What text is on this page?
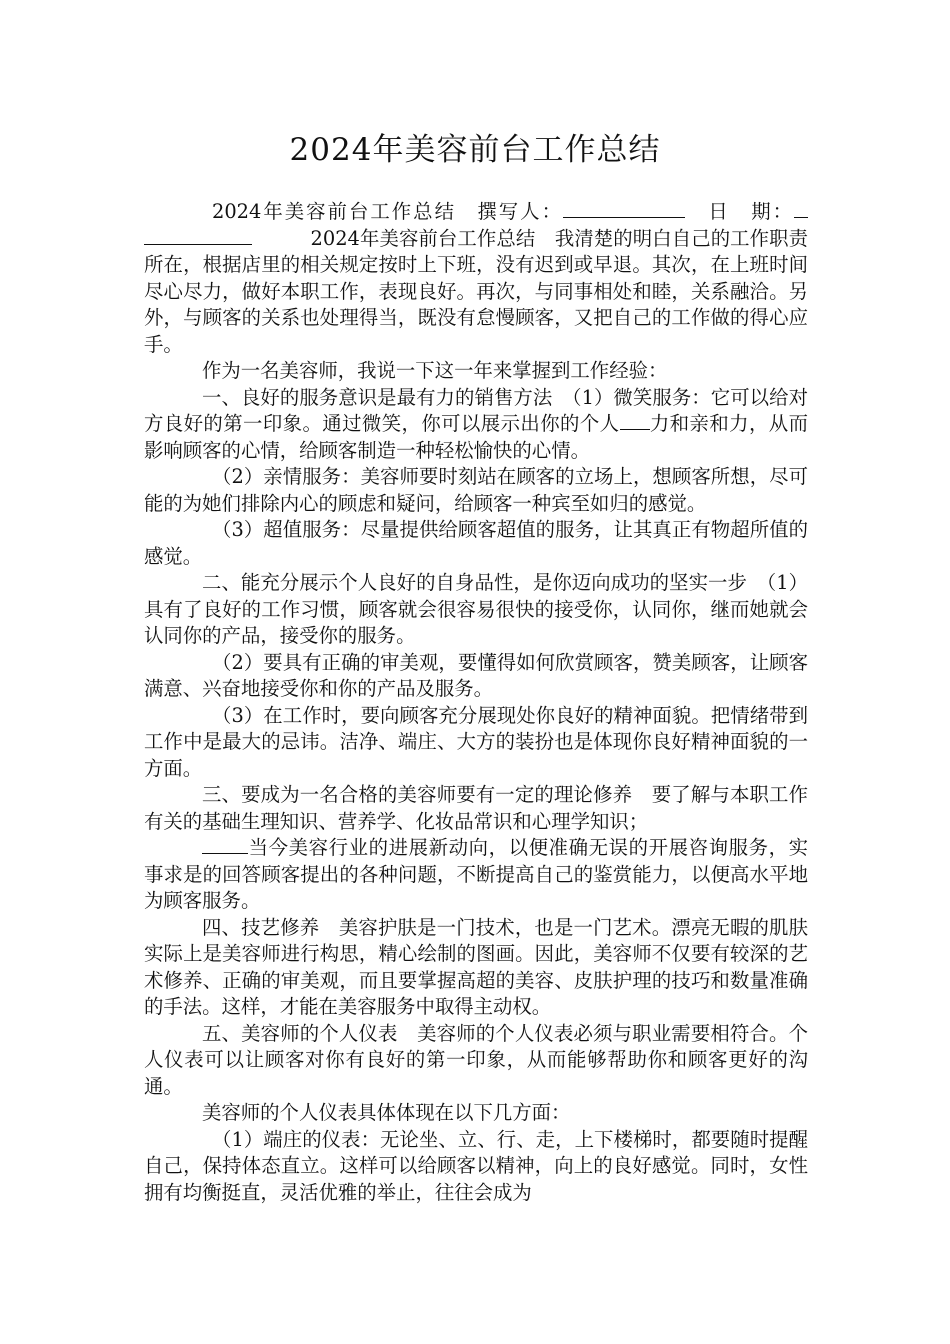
2024年美容前台工作总结

2024年美容前台工作总结　 撰写人：　	日　期：　　　2024年美容前台工作总结　 我清楚的明白自己的工作职责所在，根据店里的相关规定按时上下班，没有迟到或早退。其次，在上班时间尽心尽力，做好本职工作，表现良好。再次，与同事相处和睦，关系融洽。另外，与顾客的关系也处理得当，既没有怠慢顾客，又把自己的工作做的得心应手。

作为一名美容师，我说一下这一年来掌握到工作经验：

一、良好的服务意识是最有力的销售方法　（1）微笑服务：它可以给对方良好的第一印象。通过微笑，你可以展示出你的个人 力和亲和力，从而影响顾客的心情，给顾客制造一种轻松愉快的心情。

（2）亲情服务：美容师要时刻站在顾客的立场上，想顾客所想，尽可能的为她们排除内心的顾虑和疑问，给顾客一种宾至如归的感觉。

（3）超值服务：尽量提供给顾客超值的服务，让其真正有物超所值的感觉。

二、能充分展示个人良好的自身品性，是你迈向成功的坚实一步　（1）具有了良好的工作习惯，顾客就会很容易很快的接受你，认同你，继而她就会认同你的产品，接受你的服务。

（2）要具有正确的审美观，要懂得如何欣赏顾客，赞美顾客，让顾客满意、兴奋地接受你和你的产品及服务。

（3）在工作时，要向顾客充分展现处你良好的精神面貌。把情绪带到工作中是最大的忌讳。洁净、端庄、大方的装扮也是体现你良好精神面貌的一方面。

三、要成为一名合格的美容师要有一定的理论修养　要了解与本职工作有关的基础生理知识、营养学、化妆品常识和心理学知识；

当今美容行业的进展新动向，以便准确无误的开展咨询服务，实事求是的回答顾客提出的各种问题，不断提高自己的鉴赏能力，以便高水平地为顾客服务。

四、技艺修养　美容护肤是一门技术，也是一门艺术。漂亮无暇的肌肤实际上是美容师进行构思，精心绘制的图画。因此，美容师不仅要有较深的艺术修养、正确的审美观，而且要掌握高超的美容、皮肤护理的技巧和数量准确的手法。这样，才能在美容服务中取得主动权。

五、美容师的个人仪表　美容师的个人仪表必须与职业需要相符合。个人仪表可以让顾客对你有良好的第一印象，从而能够帮助你和顾客更好的沟通。

美容师的个人仪表具体体现在以下几方面：

（1）端庄的仪表：无论坐、立、行、走，上下楼梯时，都要随时提醒自己，保持体态直立。这样可以给顾客以精神，向上的良好感觉。同时，女性拥有均衡挺直，灵活优雅的举止，往往会成为
